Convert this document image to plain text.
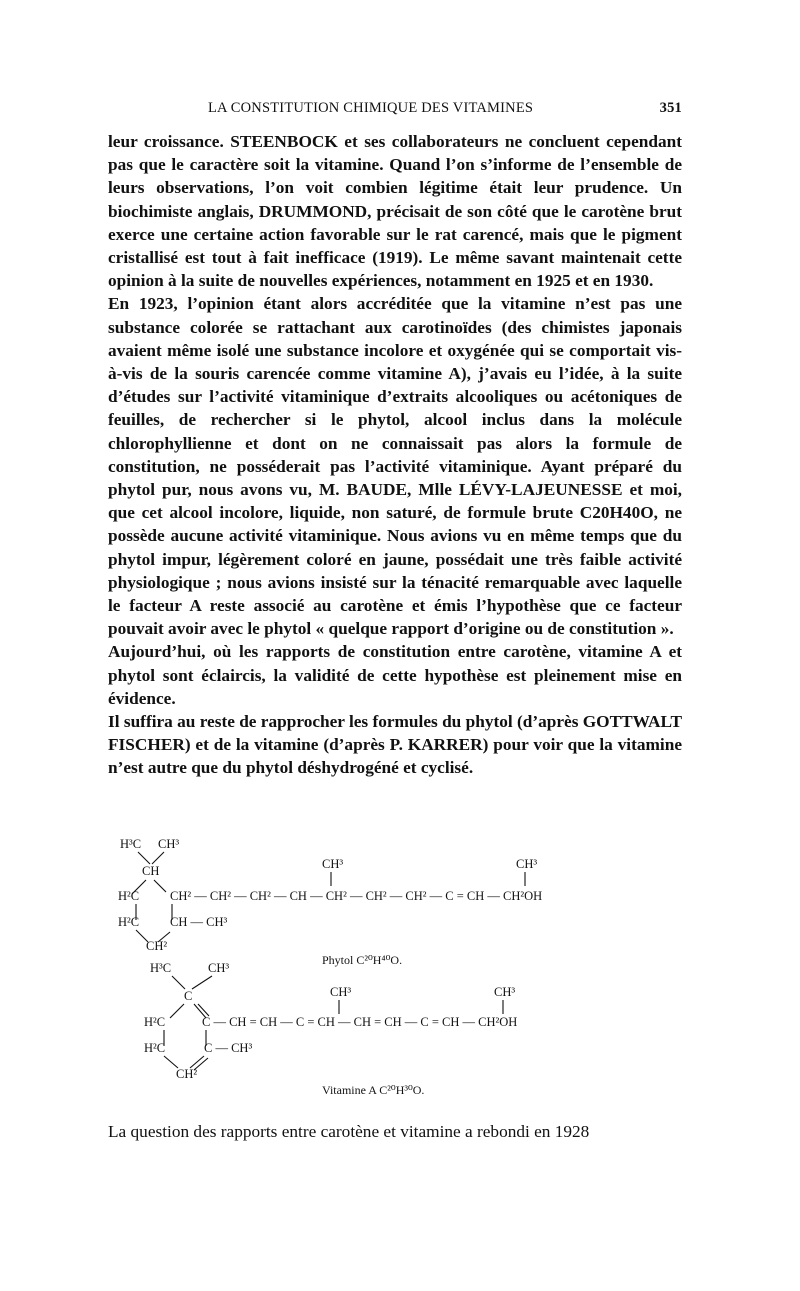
LA CONSTITUTION CHIMIQUE DES VITAMINES	351

leur croissance. STEENBOCK et ses collaborateurs ne concluent cependant pas que le caractère soit la vitamine. Quand l’on s’informe de l’ensemble de leurs observations, l’on voit combien légitime était leur prudence. Un biochimiste anglais, DRUMMOND, précisait de son côté que le carotène brut exerce une certaine action favorable sur le rat carencé, mais que le pigment cristallisé est tout à fait inefficace (1919). Le même savant maintenait cette opinion à la suite de nouvelles expériences, notamment en 1925 et en 1930.

En 1923, l’opinion étant alors accréditée que la vitamine n’est pas une substance colorée se rattachant aux carotinoïdes (des chimistes japonais avaient même isolé une substance incolore et oxygénée qui se comportait vis-à-vis de la souris carencée comme vitamine A), j’avais eu l’idée, à la suite d’études sur l’activité vitaminique d’extraits alcooliques ou acétoniques de feuilles, de rechercher si le phytol, alcool inclus dans la molécule chlorophyllienne et dont on ne connaissait pas alors la formule de constitution, ne posséderait pas l’activité vitaminique. Ayant préparé du phytol pur, nous avons vu, M. BAUDE, Mlle LÉVY-LAJEUNESSE et moi, que cet alcool incolore, liquide, non saturé, de formule brute C20H40O, ne possède aucune activité vitaminique. Nous avions vu en même temps que du phytol impur, légèrement coloré en jaune, possédait une très faible activité physiologique ; nous avions insisté sur la ténacité remarquable avec laquelle le facteur A reste associé au carotène et émis l’hypothèse que ce facteur pouvait avoir avec le phytol « quelque rapport d’origine ou de constitution ».

Aujourd’hui, où les rapports de constitution entre carotène, vitamine A et phytol sont éclaircis, la validité de cette hypothèse est pleinement mise en évidence.

Il suffira au reste de rapprocher les formules du phytol (d’après GOTTWALT FISCHER) et de la vitamine (d’après P. KARRER) pour voir que la vitamine n’est autre que du phytol déshydrogéné et cyclisé.

H³C CH³
CH
H²C
H²C
CH²
CH — CH³
CH³	CH³
CH² — CH² — CH² — CH — CH² — CH² — CH² — C = CH — CH²OH
Phytol C²⁰H⁴⁰O.
H³C	CH³
C
H²C
H²C
CH²
C — CH³
CH³	CH³
C — CH = CH — C = CH — CH = CH — C = CH — CH²OH
Vitamine A C²⁰H³⁰O.
La question des rapports entre carotène et vitamine a rebondi en 1928
